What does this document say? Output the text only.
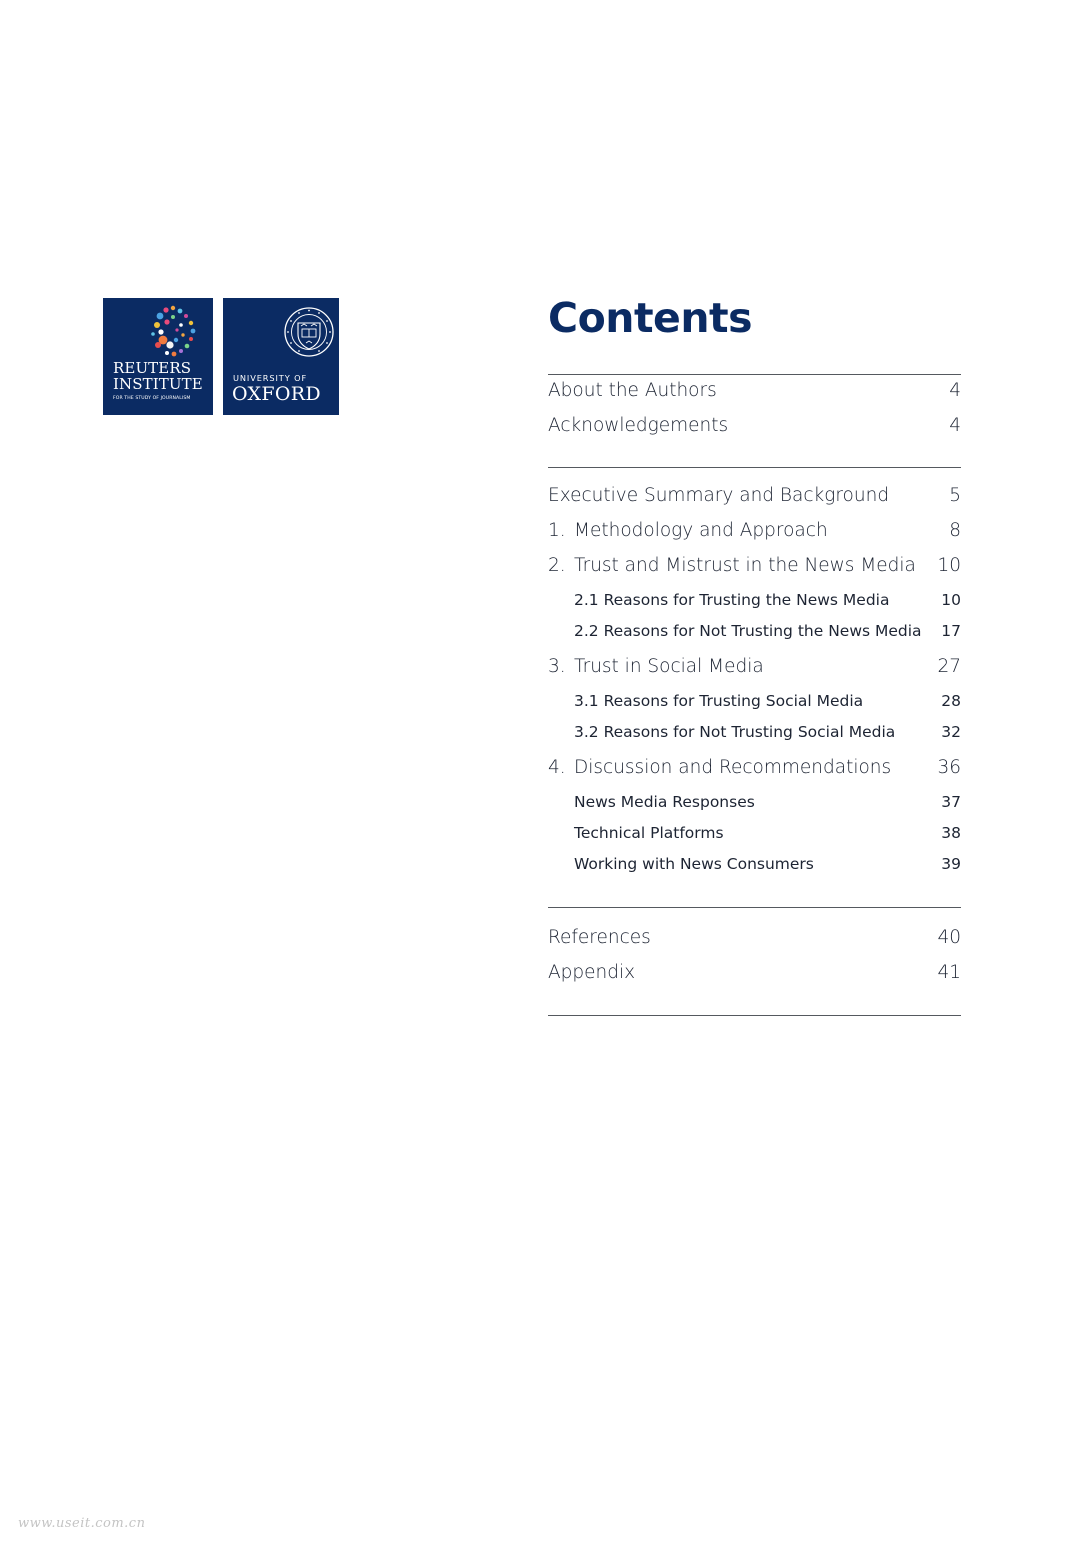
REUTERS
INSTITUTE
FOR THE STUDY OF JOURNALISM
UNIVERSITY OF
OXFORD
Contents
About the Authors	4
Acknowledgements	4
Executive Summary and Background	5
1. Methodology and Approach	8
2. Trust and Mistrust in the News Media 10
2.1 Reasons for Trusting the News Media	10
2.2 Reasons for Not Trusting the News Media 17
3. Trust in Social Media	27
3.1 Reasons for Trusting Social Media	28
3.2 Reasons for Not Trusting Social Media	32
4. Discussion and Recommendations	36
News Media Responses	37
Technical Platforms	38
Working with News Consumers	39
References	40
Appendix	41
www.useit.com.cn
